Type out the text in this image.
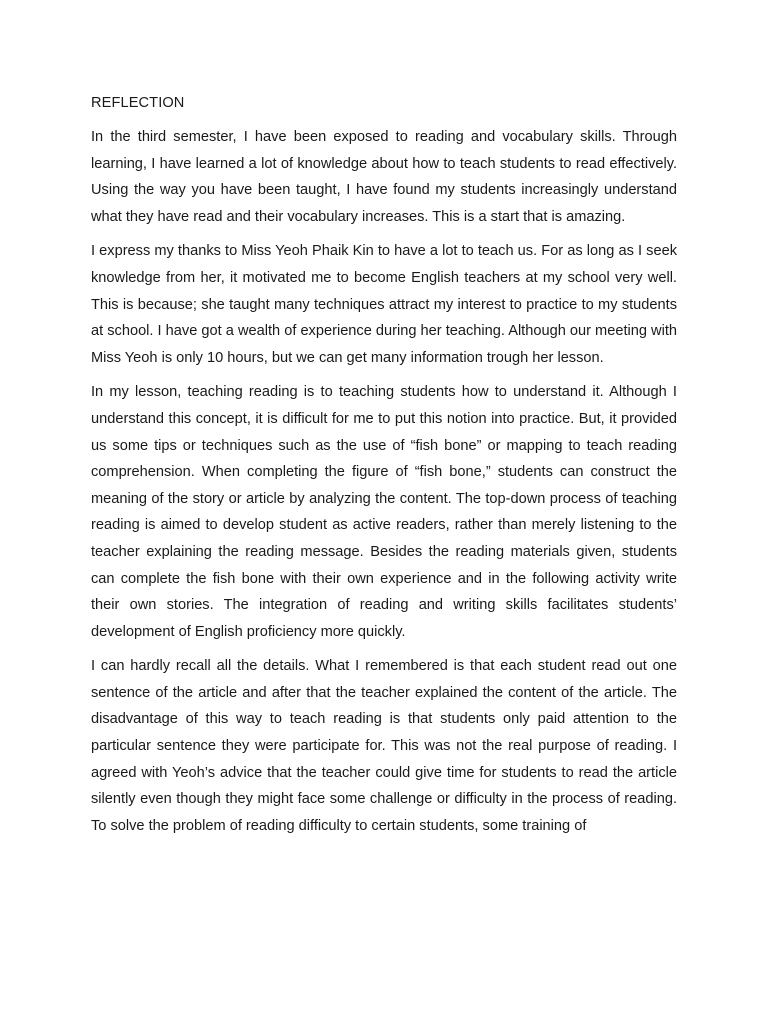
REFLECTION

In the third semester, I have been exposed to reading and vocabulary skills. Through learning, I have learned a lot of knowledge about how to teach students to read effectively. Using the way you have been taught, I have found my students increasingly understand what they have read and their vocabulary increases. This is a start that is amazing.

I express my thanks to Miss Yeoh Phaik Kin to have a lot to teach us. For as long as I seek knowledge from her, it motivated me to become English teachers at my school very well. This is because; she taught many techniques attract my interest to practice to my students at school. I have got a wealth of experience during her teaching. Although our meeting with Miss Yeoh is only 10 hours, but we can get many information trough her lesson.

In my lesson, teaching reading is to teaching students how to understand it. Although I understand this concept, it is difficult for me to put this notion into practice. But, it provided us some tips or techniques such as the use of “fish bone” or mapping to teach reading comprehension. When completing the figure of “fish bone,” students can construct the meaning of the story or article by analyzing the content. The top-down process of teaching reading is aimed to develop student as active readers, rather than merely listening to the teacher explaining the reading message. Besides the reading materials given, students can complete the fish bone with their own experience and in the following activity write their own stories. The integration of reading and writing skills facilitates students’ development of English proficiency more quickly.

I can hardly recall all the details. What I remembered is that each student read out one sentence of the article and after that the teacher explained the content of the article. The disadvantage of this way to teach reading is that students only paid attention to the particular sentence they were participate for. This was not the real purpose of reading. I agreed with Yeoh’s advice that the teacher could give time for students to read the article silently even though they might face some challenge or difficulty in the process of reading. To solve the problem of reading difficulty to certain students, some training of
